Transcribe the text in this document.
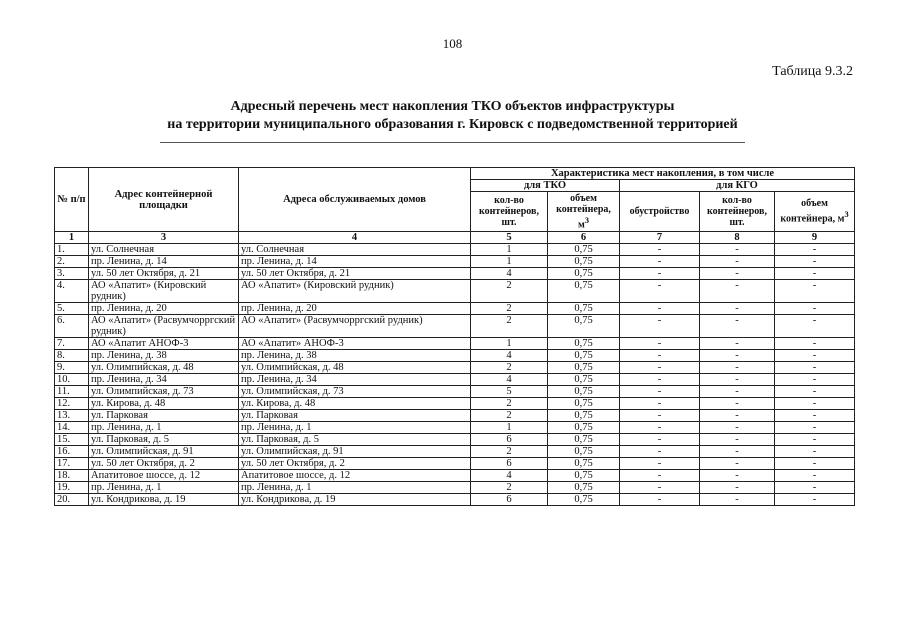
108
Таблица 9.3.2
Адресный перечень мест накопления ТКО объектов инфраструктуры
на территории муниципального образования г. Кировск с подведомственной территорией
№ п/п	Адрес контейнерной площадки	Адреса обслуживаемых домов	Характеристика мест накопления, в том числе				
			для ТКО		для КГО		
			кол-во контейнеров, шт.	объем контейнера, $м^3$	обустройство	кол-во контейнеров, шт.	объем контейнера, $м^3$
1	3	4	5	6	7	8	9
1.	ул. Солнечная	ул. Солнечная	1	0,75	-	-	-
2.	пр. Ленина, д. 14	пр. Ленина, д. 14	1	0,75	-	-	-
3.	ул. 50 лет Октября, д. 21	ул. 50 лет Октября, д. 21	4	0,75	-	-	-
4.	АО «Апатит» (Кировский рудник)	АО «Апатит» (Кировский рудник)	2	0,75	-	-	-
5.	пр. Ленина, д. 20	пр. Ленина, д. 20	2	0,75	-	-	-
6.	АО «Апатит» (Расвумчорргский рудник)	АО «Апатит» (Расвумчорргский рудник)	2	0,75	-	-	-
7.	АО «Апатит АНОФ-3	АО «Апатит» АНОФ-3	1	0,75	-	-	-
8.	пр. Ленина, д. 38	пр. Ленина, д. 38	4	0,75	-	-	-
9.	ул. Олимпийская, д. 48	ул. Олимпийская, д. 48	2	0,75	-	-	-
10.	пр. Ленина, д. 34	пр. Ленина, д. 34	4	0,75	-	-	-
11.	ул. Олимпийская, д. 73	ул. Олимпийская, д. 73	5	0,75	-	-	-
12.	ул. Кирова, д. 48	ул. Кирова, д. 48	2	0,75	-	-	-
13.	ул. Парковая	ул. Парковая	2	0,75	-	-	-
14.	пр. Ленина, д. 1	пр. Ленина, д. 1	1	0,75	-	-	-
15.	ул. Парковая, д. 5	ул. Парковая, д. 5	6	0,75	-	-	-
16.	ул. Олимпийская, д. 91	ул. Олимпийская, д. 91	2	0,75	-	-	-
17.	ул. 50 лет Октября, д. 2	ул. 50 лет Октября, д. 2	6	0,75	-	-	-
18.	Апатитовое шоссе, д. 12	Апатитовое шоссе, д. 12	4	0,75	-	-	-
19.	пр. Ленина, д. 1	пр. Ленина, д. 1	2	0,75	-	-	-
20.	ул. Кондрикова, д. 19	ул. Кондрикова, д. 19	6	0,75	-	-	-
